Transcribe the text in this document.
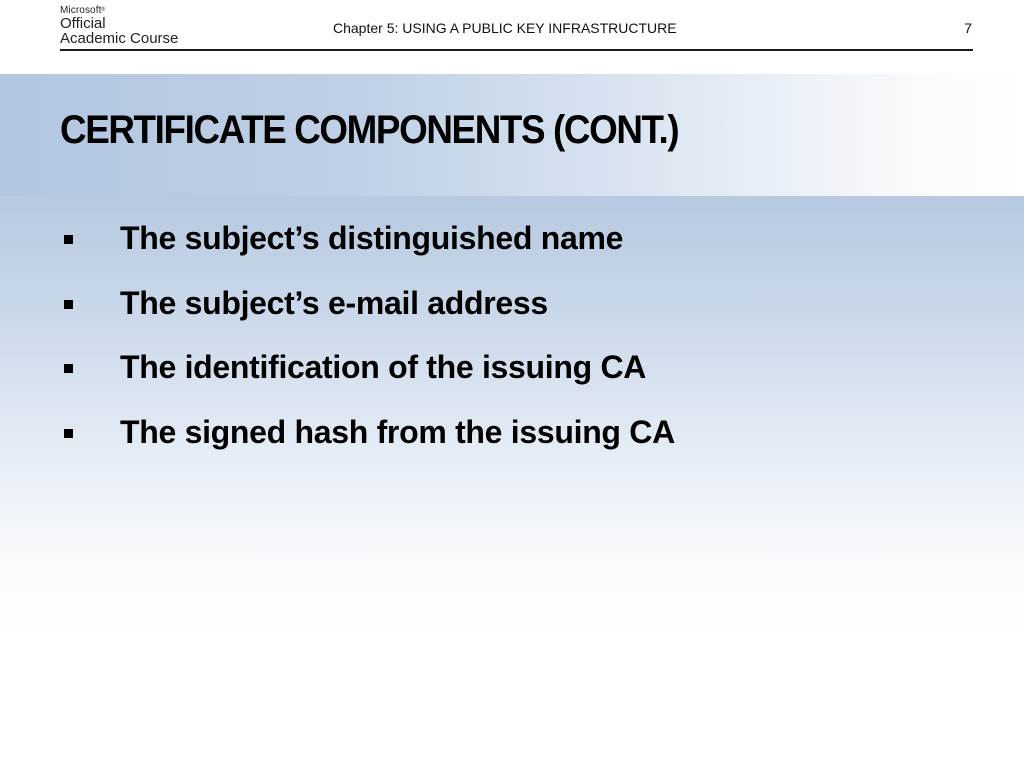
Microsoft®
Official
Academic Course
Chapter 5: USING A PUBLIC KEY INFRASTRUCTURE	7
CERTIFICATE COMPONENTS (CONT.)
The subject’s distinguished name
The subject’s e-mail address
The identification of the issuing CA
The signed hash from the issuing CA
